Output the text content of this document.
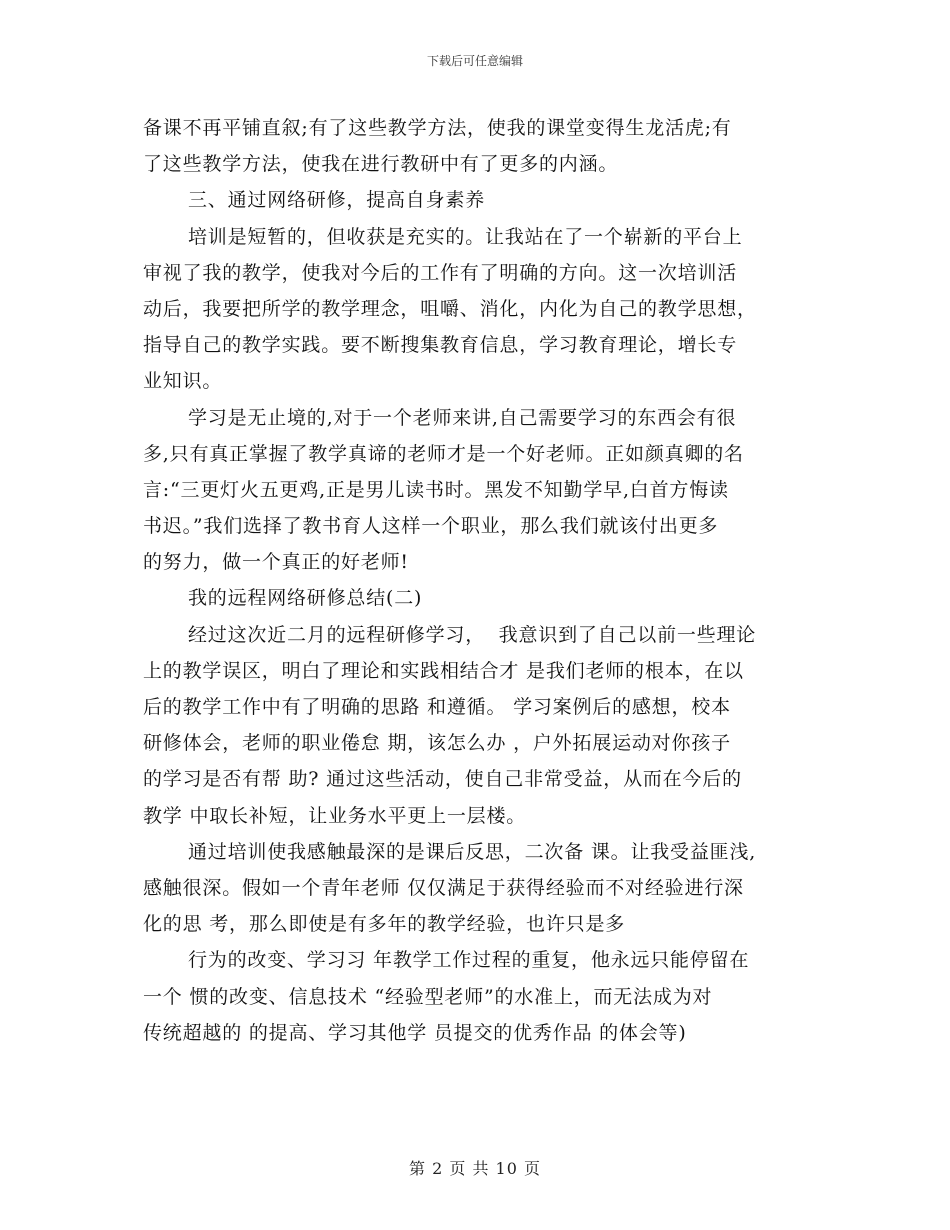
下载后可任意编辑
备课不再平铺直叙;有了这些教学方法，使我的课堂变得生龙活虎;有
了这些教学方法，使我在进行教研中有了更多的内涵。
三、通过网络研修，提高自身素养
培训是短暂的，但收获是充实的。让我站在了一个崭新的平台上
审视了我的教学，使我对今后的工作有了明确的方向。这一次培训活
动后，我要把所学的教学理念，咀嚼、消化，内化为自己的教学思想，
指导自己的教学实践。要不断搜集教育信息，学习教育理论，增长专
业知识。
学习是无止境的,对于一个老师来讲,自己需要学习的东西会有很
多,只有真正掌握了教学真谛的老师才是一个好老师。正如颜真卿的名
言:“三更灯火五更鸡,正是男儿读书时。黑发不知勤学早,白首方悔读
书迟。”我们选择了教书育人这样一个职业，那么我们就该付出更多
的努力，做一个真正的好老师!
我的远程网络研修总结(二)
经过这次近二月的远程研修学习，  我意识到了自己以前一些理论
上的教学误区，明白了理论和实践相结合才 是我们老师的根本，在以
后的教学工作中有了明确的思路 和遵循。 学习案例后的感想，校本
研修体会，老师的职业倦怠 期，该怎么办 ，户外拓展运动对你孩子
的学习是否有帮 助? 通过这些活动，使自己非常受益，从而在今后的
教学 中取长补短，让业务水平更上一层楼。
通过培训使我感触最深的是课后反思，二次备 课。让我受益匪浅,
感触很深。假如一个青年老师 仅仅满足于获得经验而不对经验进行深
化的思 考，那么即使是有多年的教学经验，也许只是多
行为的改变、学习习 年教学工作过程的重复，他永远只能停留在
一个 惯的改变、信息技术 “经验型老师”的水准上，而无法成为对
传统超越的 的提高、学习其他学 员提交的优秀作品 的体会等)
第 2 页 共 10 页
